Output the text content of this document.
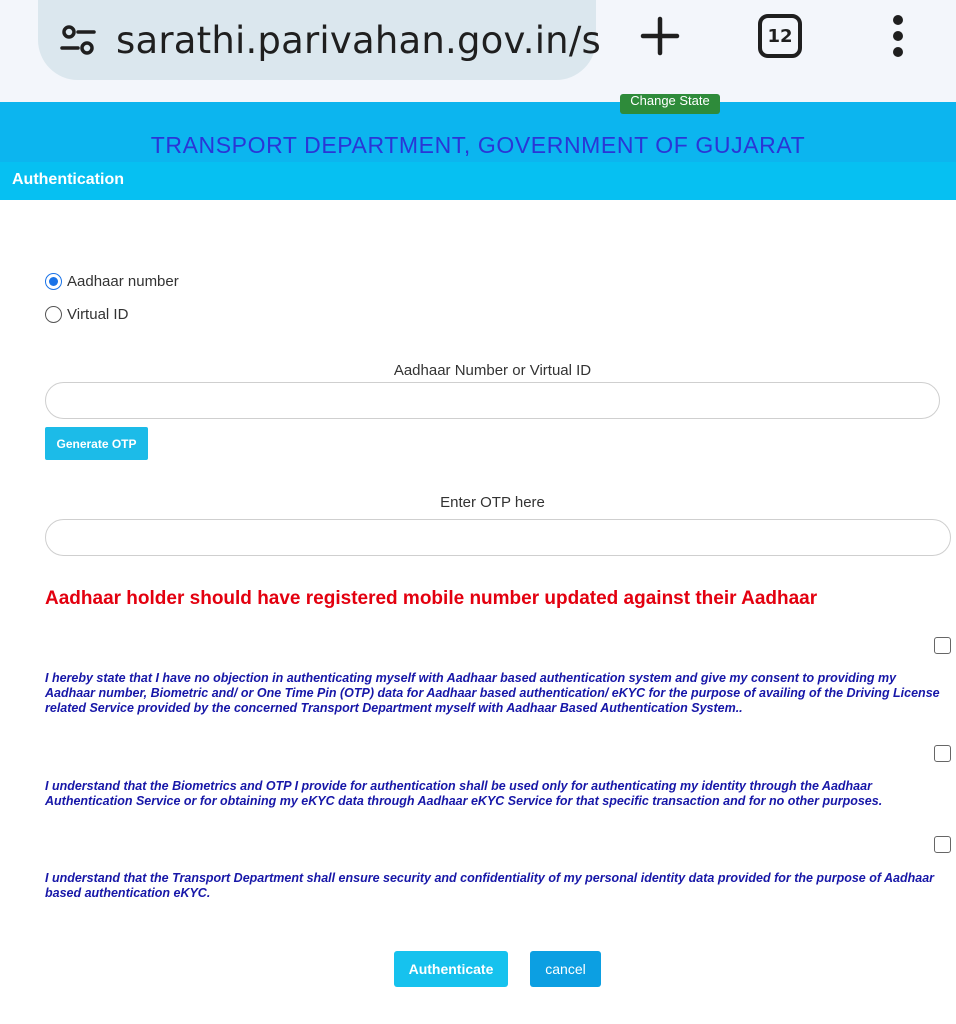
sarathi.parivahan.gov.in/s	12
Change State
TRANSPORT DEPARTMENT, GOVERNMENT OF GUJARAT
Authentication
Aadhaar number
Virtual ID
Aadhaar Number or Virtual ID
Generate OTP
Enter OTP here
Aadhaar holder should have registered mobile number updated against their Aadhaar
I hereby state that I have no objection in authenticating myself with Aadhaar based authentication system and give my consent to providing my Aadhaar number, Biometric and/ or One Time Pin (OTP) data for Aadhaar based authentication/ eKYC for the purpose of availing of the Driving License related Service provided by the concerned Transport Department myself with Aadhaar Based Authentication System..
I understand that the Biometrics and OTP I provide for authentication shall be used only for authenticating my identity through the Aadhaar Authentication Service or for obtaining my eKYC data through Aadhaar eKYC Service for that specific transaction and for no other purposes.
I understand that the Transport Department shall ensure security and confidentiality of my personal identity data provided for the purpose of Aadhaar based authentication eKYC.
Authenticate	cancel
